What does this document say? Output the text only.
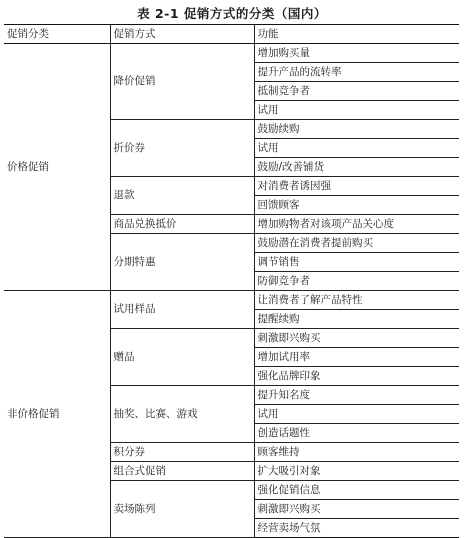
表 2-1 促销方式的分类（国内）
促销分类	促销方式	功能
价格促销	降价促销	增加购买量
		提升产品的流转率
		抵制竞争者
		试用
	折价券	鼓励续购
		试用
		鼓励/改善铺货
	退款	对消费者诱因强
		回馈顾客
	商品兑换抵价	增加购物者对该项产品关心度
	分期特惠	鼓励潜在消费者提前购买
		调节销售
		防御竞争者
非价格促销	试用样品	让消费者了解产品特性
		提醒续购
	赠品	刺激即兴购买
		增加试用率
		强化品牌印象
	抽奖、比赛、游戏	提升知名度
		试用
		创造话题性
	积分券	顾客维持
	组合式促销	扩大吸引对象
	卖场陈列	强化促销信息
		刺激即兴购买
		经营卖场气氛
